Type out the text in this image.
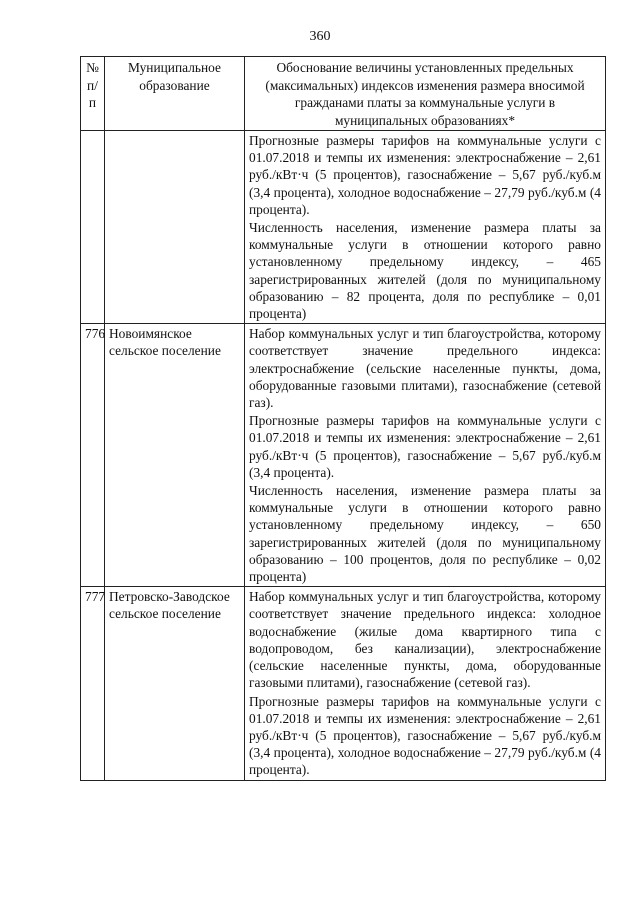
360
№ п/п	Муниципальное образование	Обоснование величины установленных предельных (максимальных) индексов изменения размера вносимой гражданами платы за коммунальные услуги в муниципальных образованиях*

		Прогнозные размеры тарифов на коммунальные услуги с 01.07.2018 и темпы их изменения: электроснабжение – 2,61 руб./кВт·ч (5 процентов), газоснабжение – 5,67 руб./куб.м (3,4 процента), холодное водоснабжение – 27,79 руб./куб.м (4 процента).
Численность населения, изменение размера платы за коммунальные услуги в отношении которого равно установленному предельному индексу, – 465 зарегистрированных жителей (доля по муниципальному образованию – 82 процента, доля по республике – 0,01 процента)

776	Новоимянское сельское поселение	Набор коммунальных услуг и тип благоустройства, которому соответствует значение предельного индекса: электроснабжение (сельские населенные пункты, дома, оборудованные газовыми плитами), газоснабжение (сетевой газ).
Прогнозные размеры тарифов на коммунальные услуги с 01.07.2018 и темпы их изменения: электроснабжение – 2,61 руб./кВт·ч (5 процентов), газоснабжение – 5,67 руб./куб.м (3,4 процента).
Численность населения, изменение размера платы за коммунальные услуги в отношении которого равно установленному предельному индексу, – 650 зарегистрированных жителей (доля по муниципальному образованию – 100 процентов, доля по республике – 0,02 процента)

777	Петровско-Заводское сельское поселение	Набор коммунальных услуг и тип благоустройства, которому соответствует значение предельного индекса: холодное водоснабжение (жилые дома квартирного типа с водопроводом, без канализации), электроснабжение (сельские населенные пункты, дома, оборудованные газовыми плитами), газоснабжение (сетевой газ).
Прогнозные размеры тарифов на коммунальные услуги с 01.07.2018 и темпы их изменения: электроснабжение – 2,61 руб./кВт·ч (5 процентов), газоснабжение – 5,67 руб./куб.м (3,4 процента), холодное водоснабжение – 27,79 руб./куб.м (4 процента).
